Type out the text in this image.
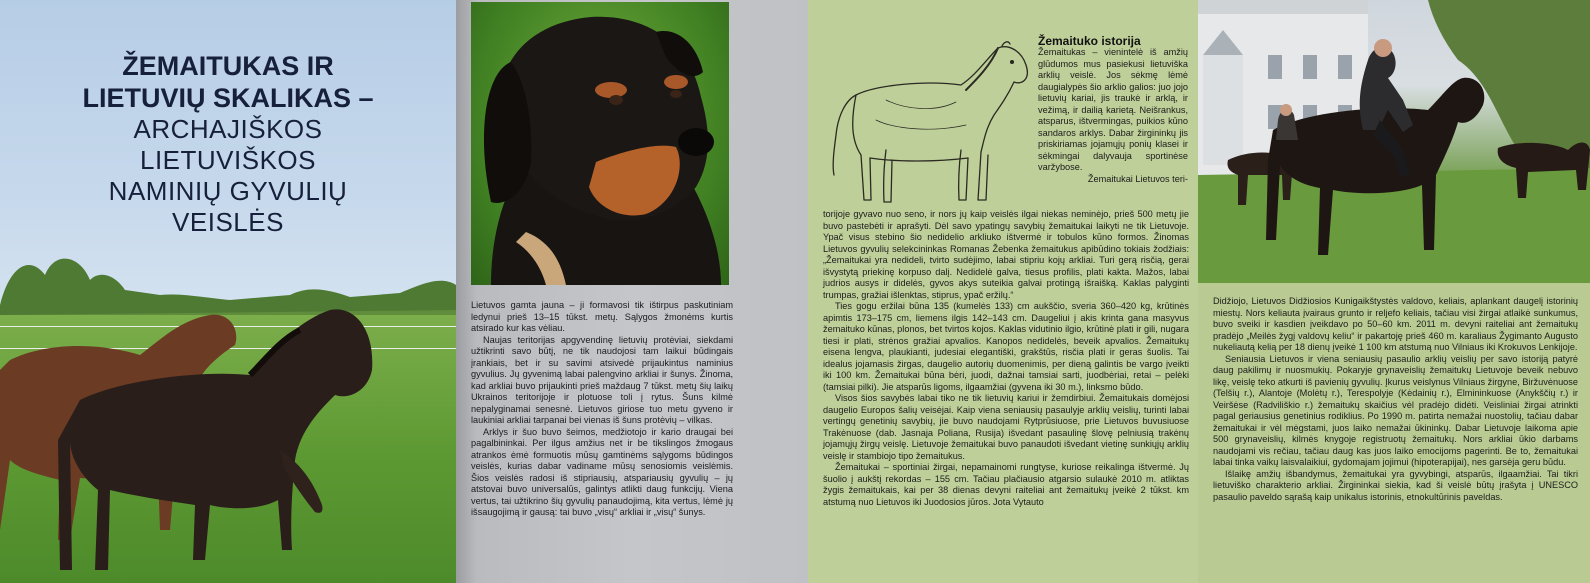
ŽEMAITUKAS IR
LIETUVIŲ SKALIKAS –
ARCHAJIŠKOS
LIETUVIŠKOS
NAMINIŲ GYVULIŲ
VEISLĖS

Lietuvos gamta jauna – ji formavosi tik ištirpus paskutiniam ledynui prieš 13–15 tūkst. metų. Sąlygos žmonėms kurtis atsirado kur kas vėliau.

Naujas teritorijas apgyvendinę lietuvių protėviai, siekdami užtikrinti savo būtį, ne tik naudojosi tam laikui būdingais įrankiais, bet ir su savimi atsivedė prijaukintus naminius gyvulius. Jų gyvenimą labai palengvino arkliai ir šunys. Žinoma, kad arkliai buvo prijaukinti prieš maždaug 7 tūkst. metų šių laikų Ukrainos teritorijoje ir plotuose toli į rytus. Šuns kilmė nepalyginamai senesnė. Lietuvos giriose tuo metu gyveno ir laukiniai arkliai tarpanai bei vienas iš šuns protėvių – vilkas.

Arklys ir šuo buvo šeimos, medžiotojo ir kario draugai bei pagalbininkai. Per ilgus amžius net ir be tikslingos žmogaus atrankos ėmė formuotis mūsų gamtinėms sąlygoms būdingos veislės, kurias dabar vadiname mūsų senosiomis veislėmis. Šios veislės radosi iš stipriausių, atspariausių gyvulių – jų atstovai buvo universalūs, galintys atlikti daug funkcijų. Viena vertus, tai užtikrino šių gyvulių panaudojimą, kita vertus, lėmė jų išsaugojimą ir gausą: tai buvo „visų“ arkliai ir „visų“ šunys.

Žemaituko istorija

Žemaitukas – vienintelė iš amžių glūdumos mus pasiekusi lietuviška arklių veislė. Jos sėkmę lėmė daugialypės šio arklio galios: juo jojo lietuvių kariai, jis traukė ir arklą, ir vežimą, ir dailią karietą. Neišrankus, atsparus, ištvermingas, puikios kūno sandaros arklys. Dabar žirgininkų jis priskiriamas jojamųjų ponių klasei ir sėkmingai dalyvauja sportinėse varžybose.

Žemaitukai Lietuvos teri-

torijoje gyvavo nuo seno, ir nors jų kaip veislės ilgai niekas neminėjo, prieš 500 metų jie buvo pastebėti ir aprašyti. Dėl savo ypatingų savybių žemaitukai laikyti ne tik Lietuvoje. Ypač visus stebino šio nedidelio arkliuko ištvermė ir tobulos kūno formos. Žinomas Lietuvos gyvulių selekcininkas Romanas Žebenka žemaitukus apibūdino tokiais žodžiais: „Žemaitukai yra nedideli, tvirto sudėjimo, labai stipriu kojų arkliai. Turi gerą risčią, gerai išvystytą priekinę korpuso dalį. Nedidelė galva, tiesus profilis, plati kakta. Mažos, labai judrios ausys ir didelės, gyvos akys suteikia galvai protingą išraišką. Kaklas palyginti trumpas, gražiai išlenktas, stiprus, ypač eržilų.“

Ties gogu eržilai būna 135 (kumelės 133) cm aukščio, sveria 360–420 kg, krūtinės apimtis 173–175 cm, liemens ilgis 142–143 cm. Daugeliui į akis krinta gana masyvus žemaituko kūnas, plonos, bet tvirtos kojos. Kaklas vidutinio ilgio, krūtinė plati ir gili, nugara tiesi ir plati, strėnos gražiai apvalios. Kanopos nedidelės, beveik apvalios. Žemaitukų eisena lengva, plaukianti, judesiai elegantiški, grakštūs, risčia plati ir geras šuolis. Tai idealus jojamasis žirgas, daugelio autorių duomenimis, per dieną galintis be vargo įveikti iki 100 km. Žemaitukai būna bėri, juodi, dažnai tamsiai sarti, juodbėriai, retai – pelėki (tamsiai pilki). Jie atsparūs ligoms, ilgaamžiai (gyvena iki 30 m.), linksmo būdo.

Visos šios savybės labai tiko ne tik lietuvių kariui ir žemdirbiui. Žemaitukais domėjosi daugelio Europos šalių veisėjai. Kaip viena seniausių pasaulyje arklių veislių, turinti labai vertingų genetinių savybių, jie buvo naudojami Rytprūsiuose, prie Lietuvos buvusiuose Trakėnuose (dab. Jasnaja Poliana, Rusija) išvedant pasaulinę šlovę pelniusią trakėnų jojamųjų žirgų veislę. Lietuvoje žemaitukai buvo panaudoti išvedant vietinę sunkiųjų arklių veislę ir stambiojo tipo žemaitukus.

Žemaitukai – sportiniai žirgai, nepamainomi rungtyse, kuriose reikalinga ištvermė. Jų šuolio į aukštį rekordas – 155 cm. Tačiau plačiausio atgarsio sulaukė 2010 m. atliktas žygis žemaitukais, kai per 38 dienas devyni raiteliai ant žemaitukų įveikė 2 tūkst. km atstumą nuo Lietuvos iki Juodosios jūros. Jota Vytauto

Didžiojo, Lietuvos Didžiosios Kunigaikštystės valdovo, keliais, aplankant daugelį istorinių miestų. Nors keliauta įvairaus grunto ir reljefo keliais, tačiau visi žirgai atlaikė sunkumus, buvo sveiki ir kasdien įveikdavo po 50–60 km. 2011 m. devyni raiteliai ant žemaitukų pradėjo „Meilės žygį valdovų keliu“ ir pakartoję prieš 460 m. karaliaus Žygimanto Augusto nukeliautą kelią per 18 dienų įveikė 1 100 km atstumą nuo Vilniaus iki Krokuvos Lenkijoje.

Seniausia Lietuvos ir viena seniausių pasaulio arklių veislių per savo istoriją patyrė daug pakilimų ir nuosmukių. Pokaryje grynaveislių žemaitukų Lietuvoje beveik nebuvo likę, veislę teko atkurti iš pavienių gyvulių. Įkurus veislynus Vilniaus žirgyne, Biržuvėnuose (Telšių r.), Alantoje (Molėtų r.), Terespolyje (Kėdainių r.), Elmininkuose (Anykščių r.) ir Veiršėse (Radviliškio r.) žemaitukų skaičius vėl pradėjo didėti. Veisliniai žirgai atrinkti pagal geriausius genetinius rodiklius. Po 1990 m. patirta nemažai nuostolių, tačiau dabar žemaitukai ir vėl mėgstami, juos laiko nemažai ūkininkų. Dabar Lietuvoje laikoma apie 500 grynaveislių, kilmės knygoje registruotų žemaitukų. Nors arkliai ūkio darbams naudojami vis rečiau, tačiau daug kas juos laiko emocijoms pagerinti. Be to, žemaitukai labai tinka vaikų laisvalaikiui, gydomajam jojimui (hipoterapijai), nes garsėja geru būdu.

Išlaikę amžių išbandymus, žemaitukai yra gyvybingi, atsparūs, ilgaamžiai. Tai tikri lietuviško charakterio arkliai. Žirgininkai siekia, kad ši veislė būtų įrašyta į UNESCO pasaulio paveldo sąrašą kaip unikalus istorinis, etnokultūrinis paveldas.
